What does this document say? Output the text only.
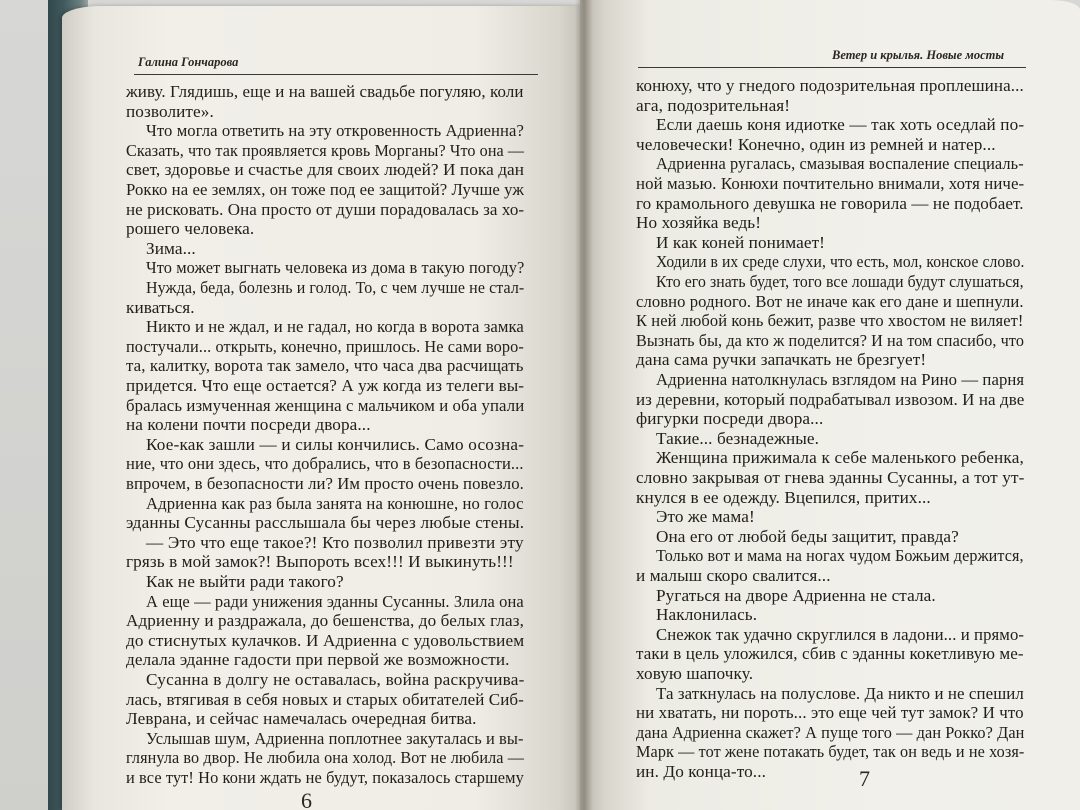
Галина Гончарова
живу. Глядишь, еще и на вашей свадьбе погуляю, коли
позволите».
Что могла ответить на эту откровенность Адриенна?
Сказать, что так проявляется кровь Морганы? Что она —
свет, здоровье и счастье для своих людей? И пока дан
Рокко на ее землях, он тоже под ее защитой? Лучше уж
не рисковать. Она просто от души порадовалась за хо-
рошего человека.
Зима...
Что может выгнать человека из дома в такую погоду?
Нужда, беда, болезнь и голод. То, с чем лучше не стал-
киваться.
Никто и не ждал, и не гадал, но когда в ворота замка
постучали... открыть, конечно, пришлось. Не сами воро-
та, калитку, ворота так замело, что часа два расчищать
придется. Что еще остается? А уж когда из телеги вы-
бралась измученная женщина с мальчиком и оба упали
на колени почти посреди двора...
Кое-как зашли — и силы кончились. Само осозна-
ние, что они здесь, что добрались, что в безопасности...
впрочем, в безопасности ли? Им просто очень повезло.
Адриенна как раз была занята на конюшне, но голос
эданны Сусанны расслышала бы через любые стены.
— Это что еще такое?! Кто позволил привезти эту
грязь в мой замок?! Выпороть всех!!! И выкинуть!!!
Как не выйти ради такого?
А еще — ради унижения эданны Сусанны. Злила она
Адриенну и раздражала, до бешенства, до белых глаз,
до стиснутых кулачков. И Адриенна с удовольствием
делала эданне гадости при первой же возможности.
Сусанна в долгу не оставалась, война раскручива-
лась, втягивая в себя новых и старых обитателей Сиб-
Леврана, и сейчас намечалась очередная битва.
Услышав шум, Адриенна поплотнее закуталась и вы-
глянула во двор. Не любила она холод. Вот не любила —
и все тут! Но кони ждать не будут, показалось старшему
6
Ветер и крылья. Новые мосты
конюху, что у гнедого подозрительная проплешина...
ага, подозрительная!
Если даешь коня идиотке — так хоть оседлай по-
человечески! Конечно, один из ремней и натер...
Адриенна ругалась, смазывая воспаление специаль-
ной мазью. Конюхи почтительно внимали, хотя ниче-
го крамольного девушка не говорила — не подобает.
Но хозяйка ведь!
И как коней понимает!
Ходили в их среде слухи, что есть, мол, конское слово.
Кто его знать будет, того все лошади будут слушаться,
словно родного. Вот не иначе как его дане и шепнули.
К ней любой конь бежит, разве что хвостом не виляет!
Вызнать бы, да кто ж поделится? И на том спасибо, что
дана сама ручки запачкать не брезгует!
Адриенна натолкнулась взглядом на Рино — парня
из деревни, который подрабатывал извозом. И на две
фигурки посреди двора...
Такие... безнадежные.
Женщина прижимала к себе маленького ребенка,
словно закрывая от гнева эданны Сусанны, а тот ут-
кнулся в ее одежду. Вцепился, притих...
Это же мама!
Она его от любой беды защитит, правда?
Только вот и мама на ногах чудом Божьим держится,
и малыш скоро свалится...
Ругаться на дворе Адриенна не стала.
Наклонилась.
Снежок так удачно скруглился в ладони... и прямо-
таки в цель уложился, сбив с эданны кокетливую ме-
ховую шапочку.
Та заткнулась на полуслове. Да никто и не спешил
ни хватать, ни пороть... это еще чей тут замок? И что
дана Адриенна скажет? А пуще того — дан Рокко? Дан
Марк — тот жене потакать будет, так он ведь и не хозя-
ин. До конца-то...	7
